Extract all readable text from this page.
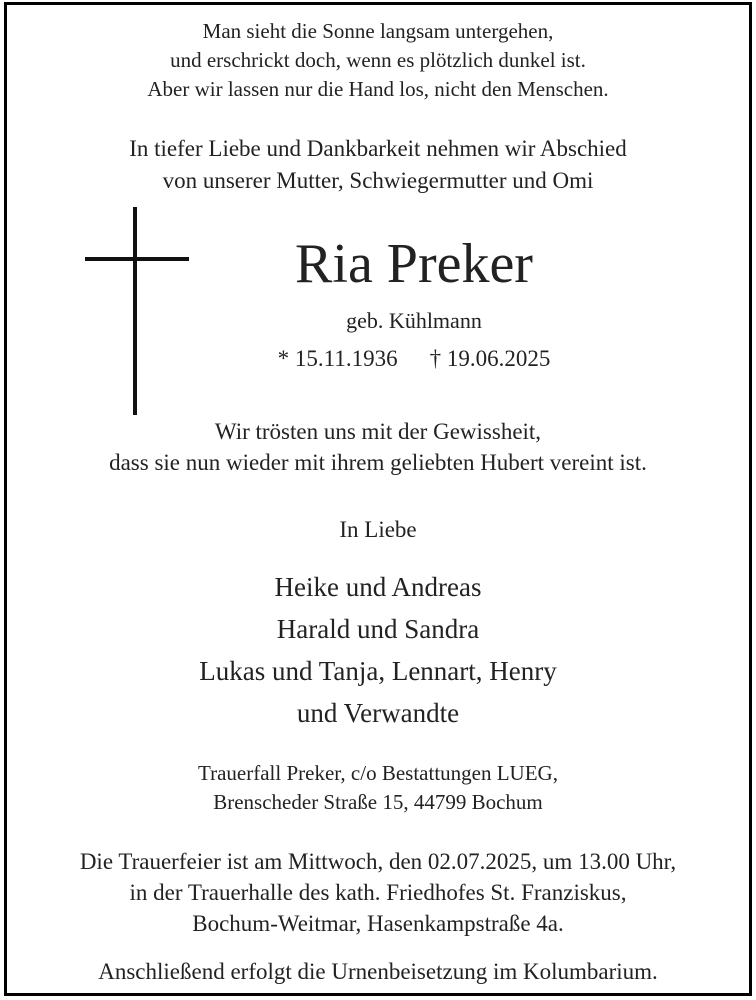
Man sieht die Sonne langsam untergehen,
und erschrickt doch, wenn es plötzlich dunkel ist.
Aber wir lassen nur die Hand los, nicht den Menschen.
In tiefer Liebe und Dankbarkeit nehmen wir Abschied
von unserer Mutter, Schwiegermutter und Omi
Ria Preker
geb. Kühlmann
* 15.11.1936 † 19.06.2025
Wir trösten uns mit der Gewissheit,
dass sie nun wieder mit ihrem geliebten Hubert vereint ist.
In Liebe
Heike und Andreas
Harald und Sandra
Lukas und Tanja, Lennart, Henry
und Verwandte
Trauerfall Preker, c/o Bestattungen LUEG,
Brenscheder Straße 15, 44799 Bochum
Die Trauerfeier ist am Mittwoch, den 02.07.2025, um 13.00 Uhr,
in der Trauerhalle des kath. Friedhofes St. Franziskus,
Bochum-Weitmar, Hasenkampstraße 4a.
Anschließend erfolgt die Urnenbeisetzung im Kolumbarium.
